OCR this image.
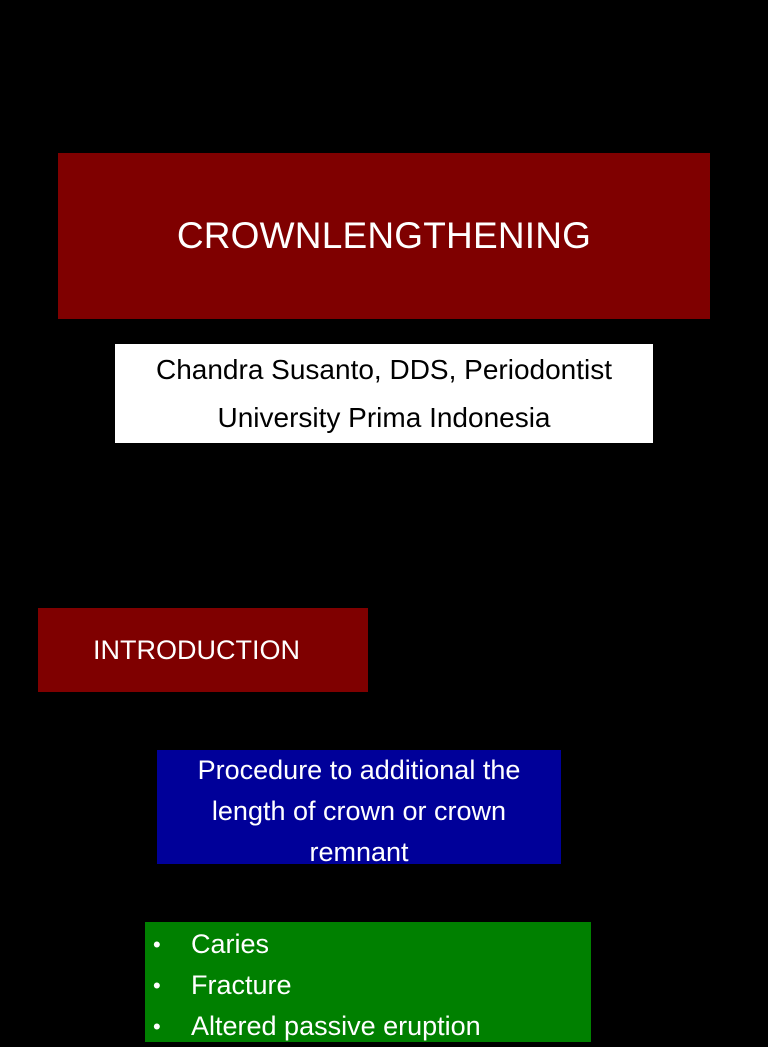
CROWNLENGTHENING
Chandra Susanto, DDS, Periodontist
University Prima Indonesia
INTRODUCTION
Procedure to additional the
length of crown or crown
remnant
• Caries
• Fracture
• Altered passive eruption
